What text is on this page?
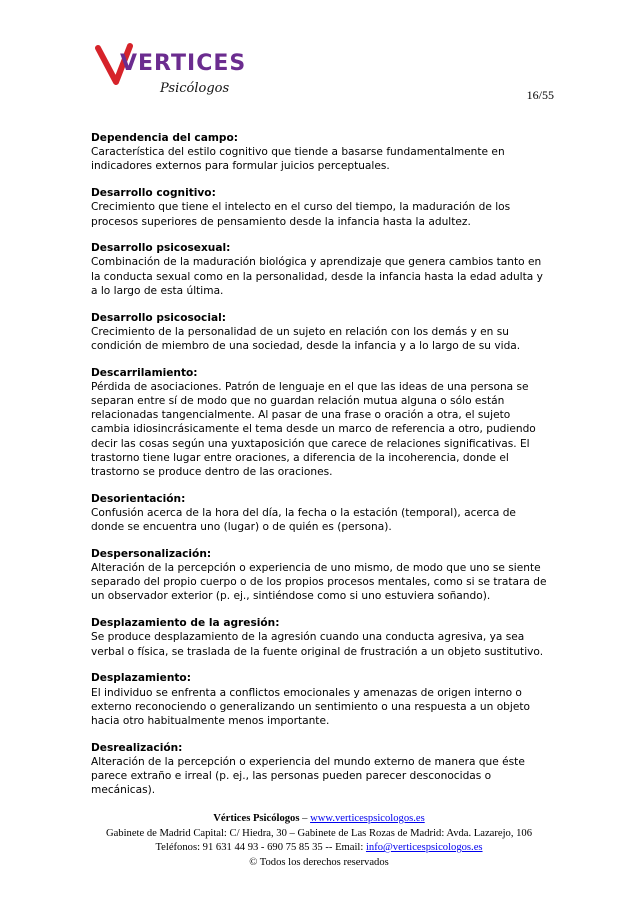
VERTICES
Psicólogos	16/55
Dependencia del campo:
Característica del estilo cognitivo que tiende a basarse fundamentalmente en indicadores externos para formular juicios perceptuales.
Desarrollo cognitivo:
Crecimiento que tiene el intelecto en el curso del tiempo, la maduración de los procesos superiores de pensamiento desde la infancia hasta la adultez.
Desarrollo psicosexual:
Combinación de la maduración biológica y aprendizaje que genera cambios tanto en la conducta sexual como en la personalidad, desde la infancia hasta la edad adulta y a lo largo de esta última.
Desarrollo psicosocial:
Crecimiento de la personalidad de un sujeto en relación con los demás y en su condición de miembro de una sociedad, desde la infancia y a lo largo de su vida.
Descarrilamiento:
Pérdida de asociaciones. Patrón de lenguaje en el que las ideas de una persona se separan entre sí de modo que no guardan relación mutua alguna o sólo están relacionadas tangencialmente. Al pasar de una frase o oración a otra, el sujeto cambia idiosincrásicamente el tema desde un marco de referencia a otro, pudiendo decir las cosas según una yuxtaposición que carece de relaciones significativas. El trastorno tiene lugar entre oraciones, a diferencia de la incoherencia, donde el trastorno se produce dentro de las oraciones.
Desorientación:
Confusión acerca de la hora del día, la fecha o la estación (temporal), acerca de donde se encuentra uno (lugar) o de quién es (persona).
Despersonalización:
Alteración de la percepción o experiencia de uno mismo, de modo que uno se siente separado del propio cuerpo o de los propios procesos mentales, como si se tratara de un observador exterior (p. ej., sintiéndose como si uno estuviera soñando).
Desplazamiento de la agresión:
Se produce desplazamiento de la agresión cuando una conducta agresiva, ya sea verbal o física, se traslada de la fuente original de frustración a un objeto sustitutivo.
Desplazamiento:
El individuo se enfrenta a conflictos emocionales y amenazas de origen interno o externo reconociendo o generalizando un sentimiento o una respuesta a un objeto hacia otro habitualmente menos importante.
Desrealización:
Alteración de la percepción o experiencia del mundo externo de manera que éste parece extraño e irreal (p. ej., las personas pueden parecer desconocidas o mecánicas).
Vértices Psicólogos – www.verticespsicologos.es
Gabinete de Madrid Capital: C/ Hiedra, 30 – Gabinete de Las Rozas de Madrid: Avda. Lazarejo, 106
Teléfonos: 91 631 44 93 - 690 75 85 35 -- Email: info@verticespsicologos.es
© Todos los derechos reservados
